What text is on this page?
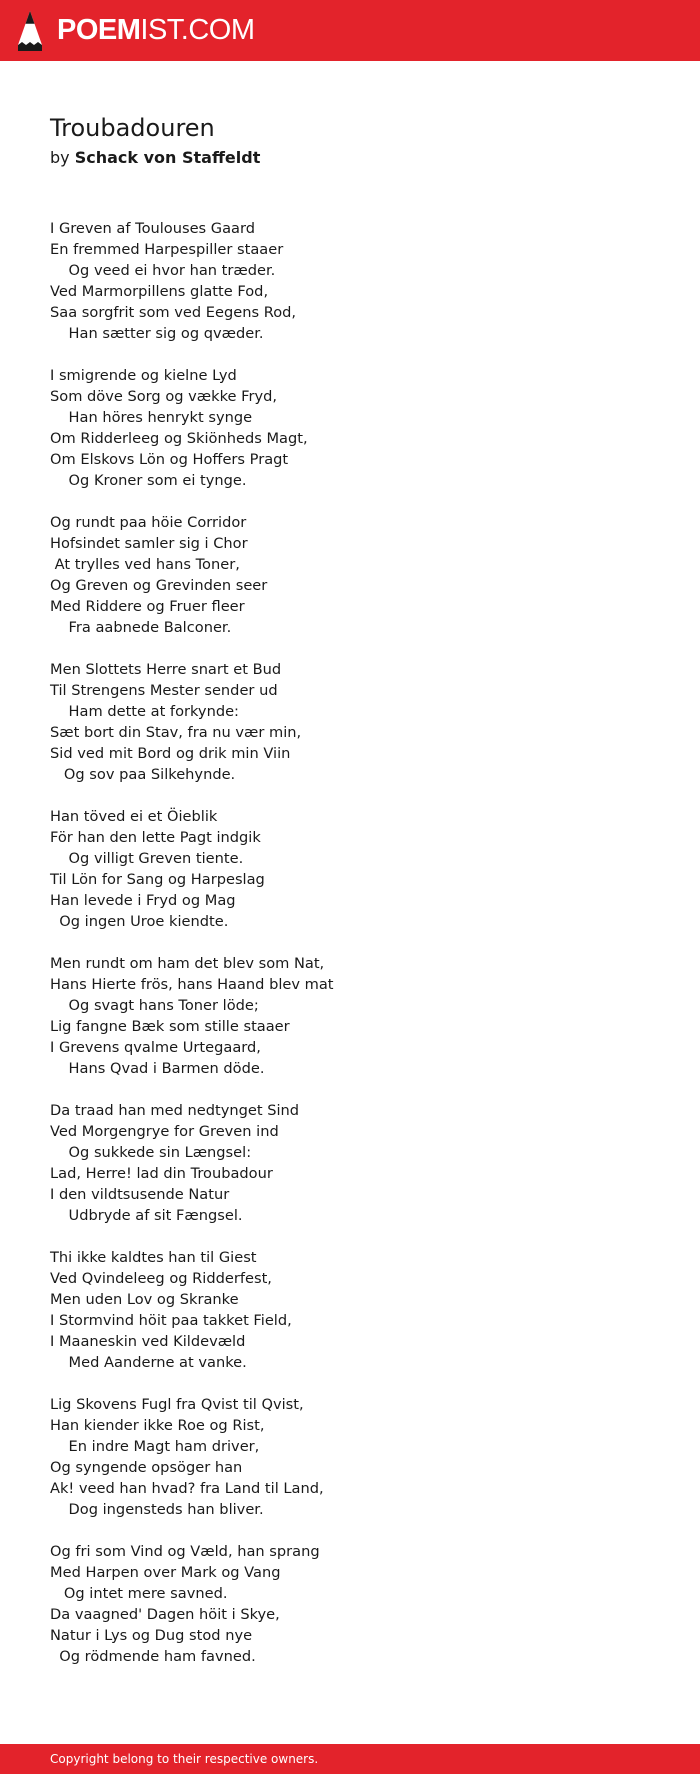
POEMIST.COM
Troubadouren
by Schack von Staffeldt
I Greven af Toulouses Gaard
En fremmed Harpespiller staaer
Og veed ei hvor han træder.
Ved Marmorpillens glatte Fod,
Saa sorgfrit som ved Eegens Rod,
Han sætter sig og qvæder.
I smigrende og kielne Lyd
Som döve Sorg og vække Fryd,
Han höres henrykt synge
Om Ridderleeg og Skiönheds Magt,
Om Elskovs Lön og Hoffers Pragt
Og Kroner som ei tynge.
Og rundt paa höie Corridor
Hofsindet samler sig i Chor
At trylles ved hans Toner,
Og Greven og Grevinden seer
Med Riddere og Fruer fleer
Fra aabnede Balconer.
Men Slottets Herre snart et Bud
Til Strengens Mester sender ud
Ham dette at forkynde:
Sæt bort din Stav, fra nu vær min,
Sid ved mit Bord og drik min Viin
Og sov paa Silkehynde.
Han töved ei et Öieblik
För han den lette Pagt indgik
Og villigt Greven tiente.
Til Lön for Sang og Harpeslag
Han levede i Fryd og Mag
Og ingen Uroe kiendte.
Men rundt om ham det blev som Nat,
Hans Hierte frös, hans Haand blev mat
Og svagt hans Toner löde;
Lig fangne Bæk som stille staaer
I Grevens qvalme Urtegaard,
Hans Qvad i Barmen döde.
Da traad han med nedtynget Sind
Ved Morgengrye for Greven ind
Og sukkede sin Længsel:
Lad, Herre! lad din Troubadour
I den vildtsusende Natur
Udbryde af sit Fængsel.
Thi ikke kaldtes han til Giest
Ved Qvindeleeg og Ridderfest,
Men uden Lov og Skranke
I Stormvind höit paa takket Field,
I Maaneskin ved Kildevæld
Med Aanderne at vanke.
Lig Skovens Fugl fra Qvist til Qvist,
Han kiender ikke Roe og Rist,
En indre Magt ham driver,
Og syngende opsöger han
Ak! veed han hvad? fra Land til Land,
Dog ingensteds han bliver.
Og fri som Vind og Væld, han sprang
Med Harpen over Mark og Vang
Og intet mere savned.
Da vaagned' Dagen höit i Skye,
Natur i Lys og Dug stod nye
Og rödmende ham favned.
Copyright belong to their respective owners.
